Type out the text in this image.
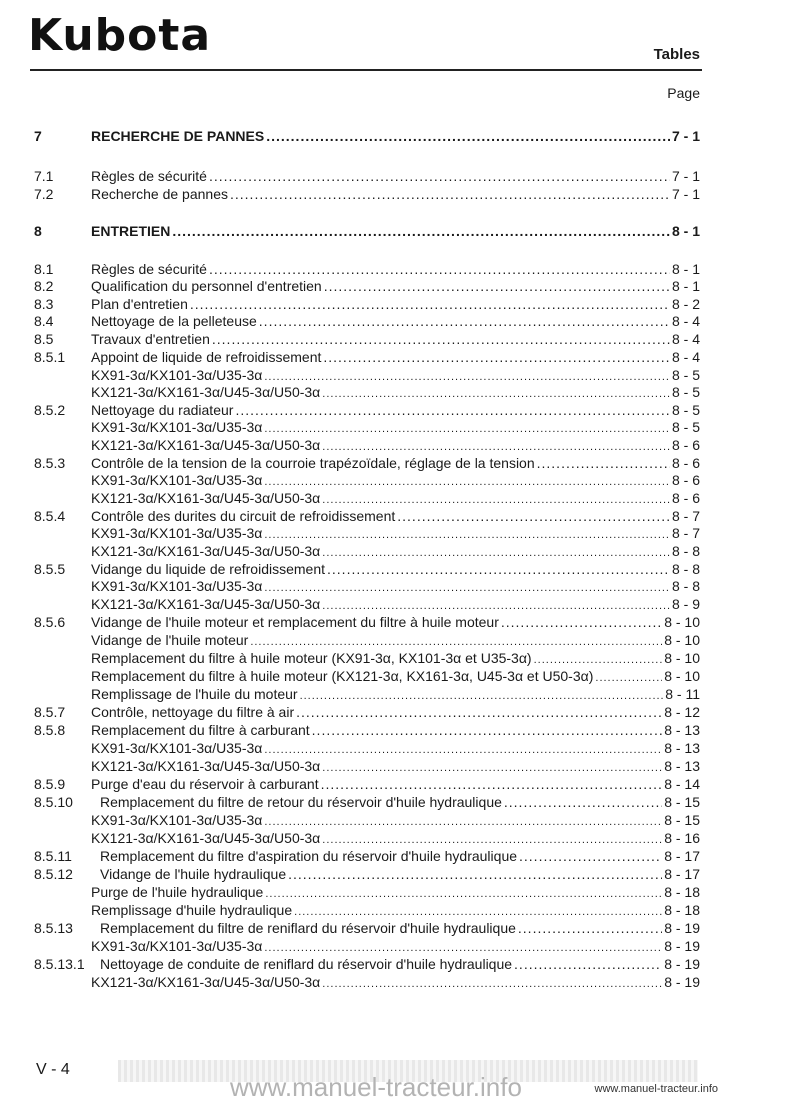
Kubota	Tables
Page
7	RECHERCHE DE PANNES .....	7 - 1
7.1	Règles de sécurité .....	7 - 1
7.2	Recherche de pannes .....	7 - 1
8	ENTRETIEN .....	8 - 1
8.1	Règles de sécurité .....	8 - 1
8.2	Qualification du personnel d'entretien .....	8 - 1
8.3	Plan d'entretien .....	8 - 2
8.4	Nettoyage de la pelleteuse .....	8 - 4
8.5	Travaux d'entretien .....	8 - 4
8.5.1 Appoint de liquide de refroidissement .....	8 - 4
KX91-3α/KX101-3α/U35-3α .....	8 - 5
KX121-3α/KX161-3α/U45-3α/U50-3α .....	8 - 5
8.5.2 Nettoyage du radiateur .....	8 - 5
KX91-3α/KX101-3α/U35-3α .....	8 - 5
KX121-3α/KX161-3α/U45-3α/U50-3α .....	8 - 6
8.5.3 Contrôle de la tension de la courroie trapézoïdale, réglage de la tension .....	8 - 6
KX91-3α/KX101-3α/U35-3α .....	8 - 6
KX121-3α/KX161-3α/U45-3α/U50-3α .....	8 - 6
8.5.4 Contrôle des durites du circuit de refroidissement .....	8 - 7
KX91-3α/KX101-3α/U35-3α .....	8 - 7
KX121-3α/KX161-3α/U45-3α/U50-3α .....	8 - 8
8.5.5 Vidange du liquide de refroidissement .....	8 - 8
KX91-3α/KX101-3α/U35-3α .....	8 - 8
KX121-3α/KX161-3α/U45-3α/U50-3α .....	8 - 9
8.5.6 Vidange de l'huile moteur et remplacement du filtre à huile moteur .....	8 - 10
Vidange de l'huile moteur .....	8 - 10
Remplacement du filtre à huile moteur (KX91-3α, KX101-3α et U35-3α) .....	8 - 10
Remplacement du filtre à huile moteur (KX121-3α, KX161-3α, U45-3α et U50-3α) .....	8 - 10
Remplissage de l'huile du moteur .....	8 - 11
8.5.7 Contrôle, nettoyage du filtre à air .....	8 - 12
8.5.8 Remplacement du filtre à carburant .....	8 - 13
KX91-3α/KX101-3α/U35-3α .....	8 - 13
KX121-3α/KX161-3α/U45-3α/U50-3α .....	8 - 13
8.5.9 Purge d'eau du réservoir à carburant .....	8 - 14
8.5.10 Remplacement du filtre de retour du réservoir d'huile hydraulique .....	8 - 15
KX91-3α/KX101-3α/U35-3α .....	8 - 15
KX121-3α/KX161-3α/U45-3α/U50-3α .....	8 - 16
8.5.11 Remplacement du filtre d'aspiration du réservoir d'huile hydraulique .....	8 - 17
8.5.12 Vidange de l'huile hydraulique .....	8 - 17
Purge de l'huile hydraulique .....	8 - 18
Remplissage d'huile hydraulique .....	8 - 18
8.5.13 Remplacement du filtre de reniflard du réservoir d'huile hydraulique .....	8 - 19
KX91-3α/KX101-3α/U35-3α .....	8 - 19
8.5.13.1 Nettoyage de conduite de reniflard du réservoir d'huile hydraulique .....	8 - 19
KX121-3α/KX161-3α/U45-3α/U50-3α .....	8 - 19
V - 4
www.manuel-tracteur.info	www.manuel-tracteur.info
